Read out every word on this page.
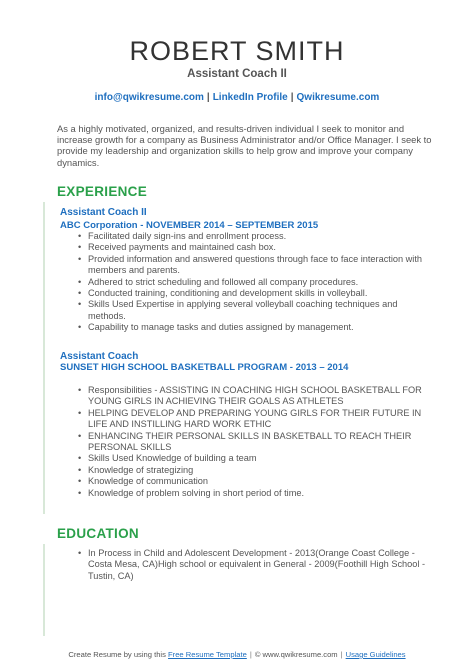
ROBERT SMITH
Assistant Coach II
info@qwikresume.com | LinkedIn Profile | Qwikresume.com

As a highly motivated, organized, and results-driven individual I seek to monitor and increase growth for a company as Business Administrator and/or Office Manager. I seek to provide my leadership and organization skills to help grow and improve your company dynamics.

EXPERIENCE
Assistant Coach II
ABC Corporation - NOVEMBER 2014 – SEPTEMBER 2015
• Facilitated daily sign-ins and enrollment process.
• Received payments and maintained cash box.
• Provided information and answered questions through face to face interaction with members and parents.
• Adhered to strict scheduling and followed all company procedures.
• Conducted training, conditioning and development skills in volleyball.
• Skills Used Expertise in applying several volleyball coaching techniques and methods.
• Capability to manage tasks and duties assigned by management.
Assistant Coach
SUNSET HIGH SCHOOL BASKETBALL PROGRAM - 2013 – 2014
• Responsibilities - ASSISTING IN COACHING HIGH SCHOOL BASKETBALL FOR YOUNG GIRLS IN ACHIEVING THEIR GOALS AS ATHLETES
• HELPING DEVELOP AND PREPARING YOUNG GIRLS FOR THEIR FUTURE IN LIFE AND INSTILLING HARD WORK ETHIC
• ENHANCING THEIR PERSONAL SKILLS IN BASKETBALL TO REACH THEIR PERSONAL SKILLS
• Skills Used Knowledge of building a team
• Knowledge of strategizing
• Knowledge of communication
• Knowledge of problem solving in short period of time.
EDUCATION
• In Process in Child and Adolescent Development - 2013(Orange Coast College - Costa Mesa, CA)High school or equivalent in General - 2009(Foothill High School - Tustin, CA)
Create Resume by using this Free Resume Template | © www.qwikresume.com | Usage Guidelines
